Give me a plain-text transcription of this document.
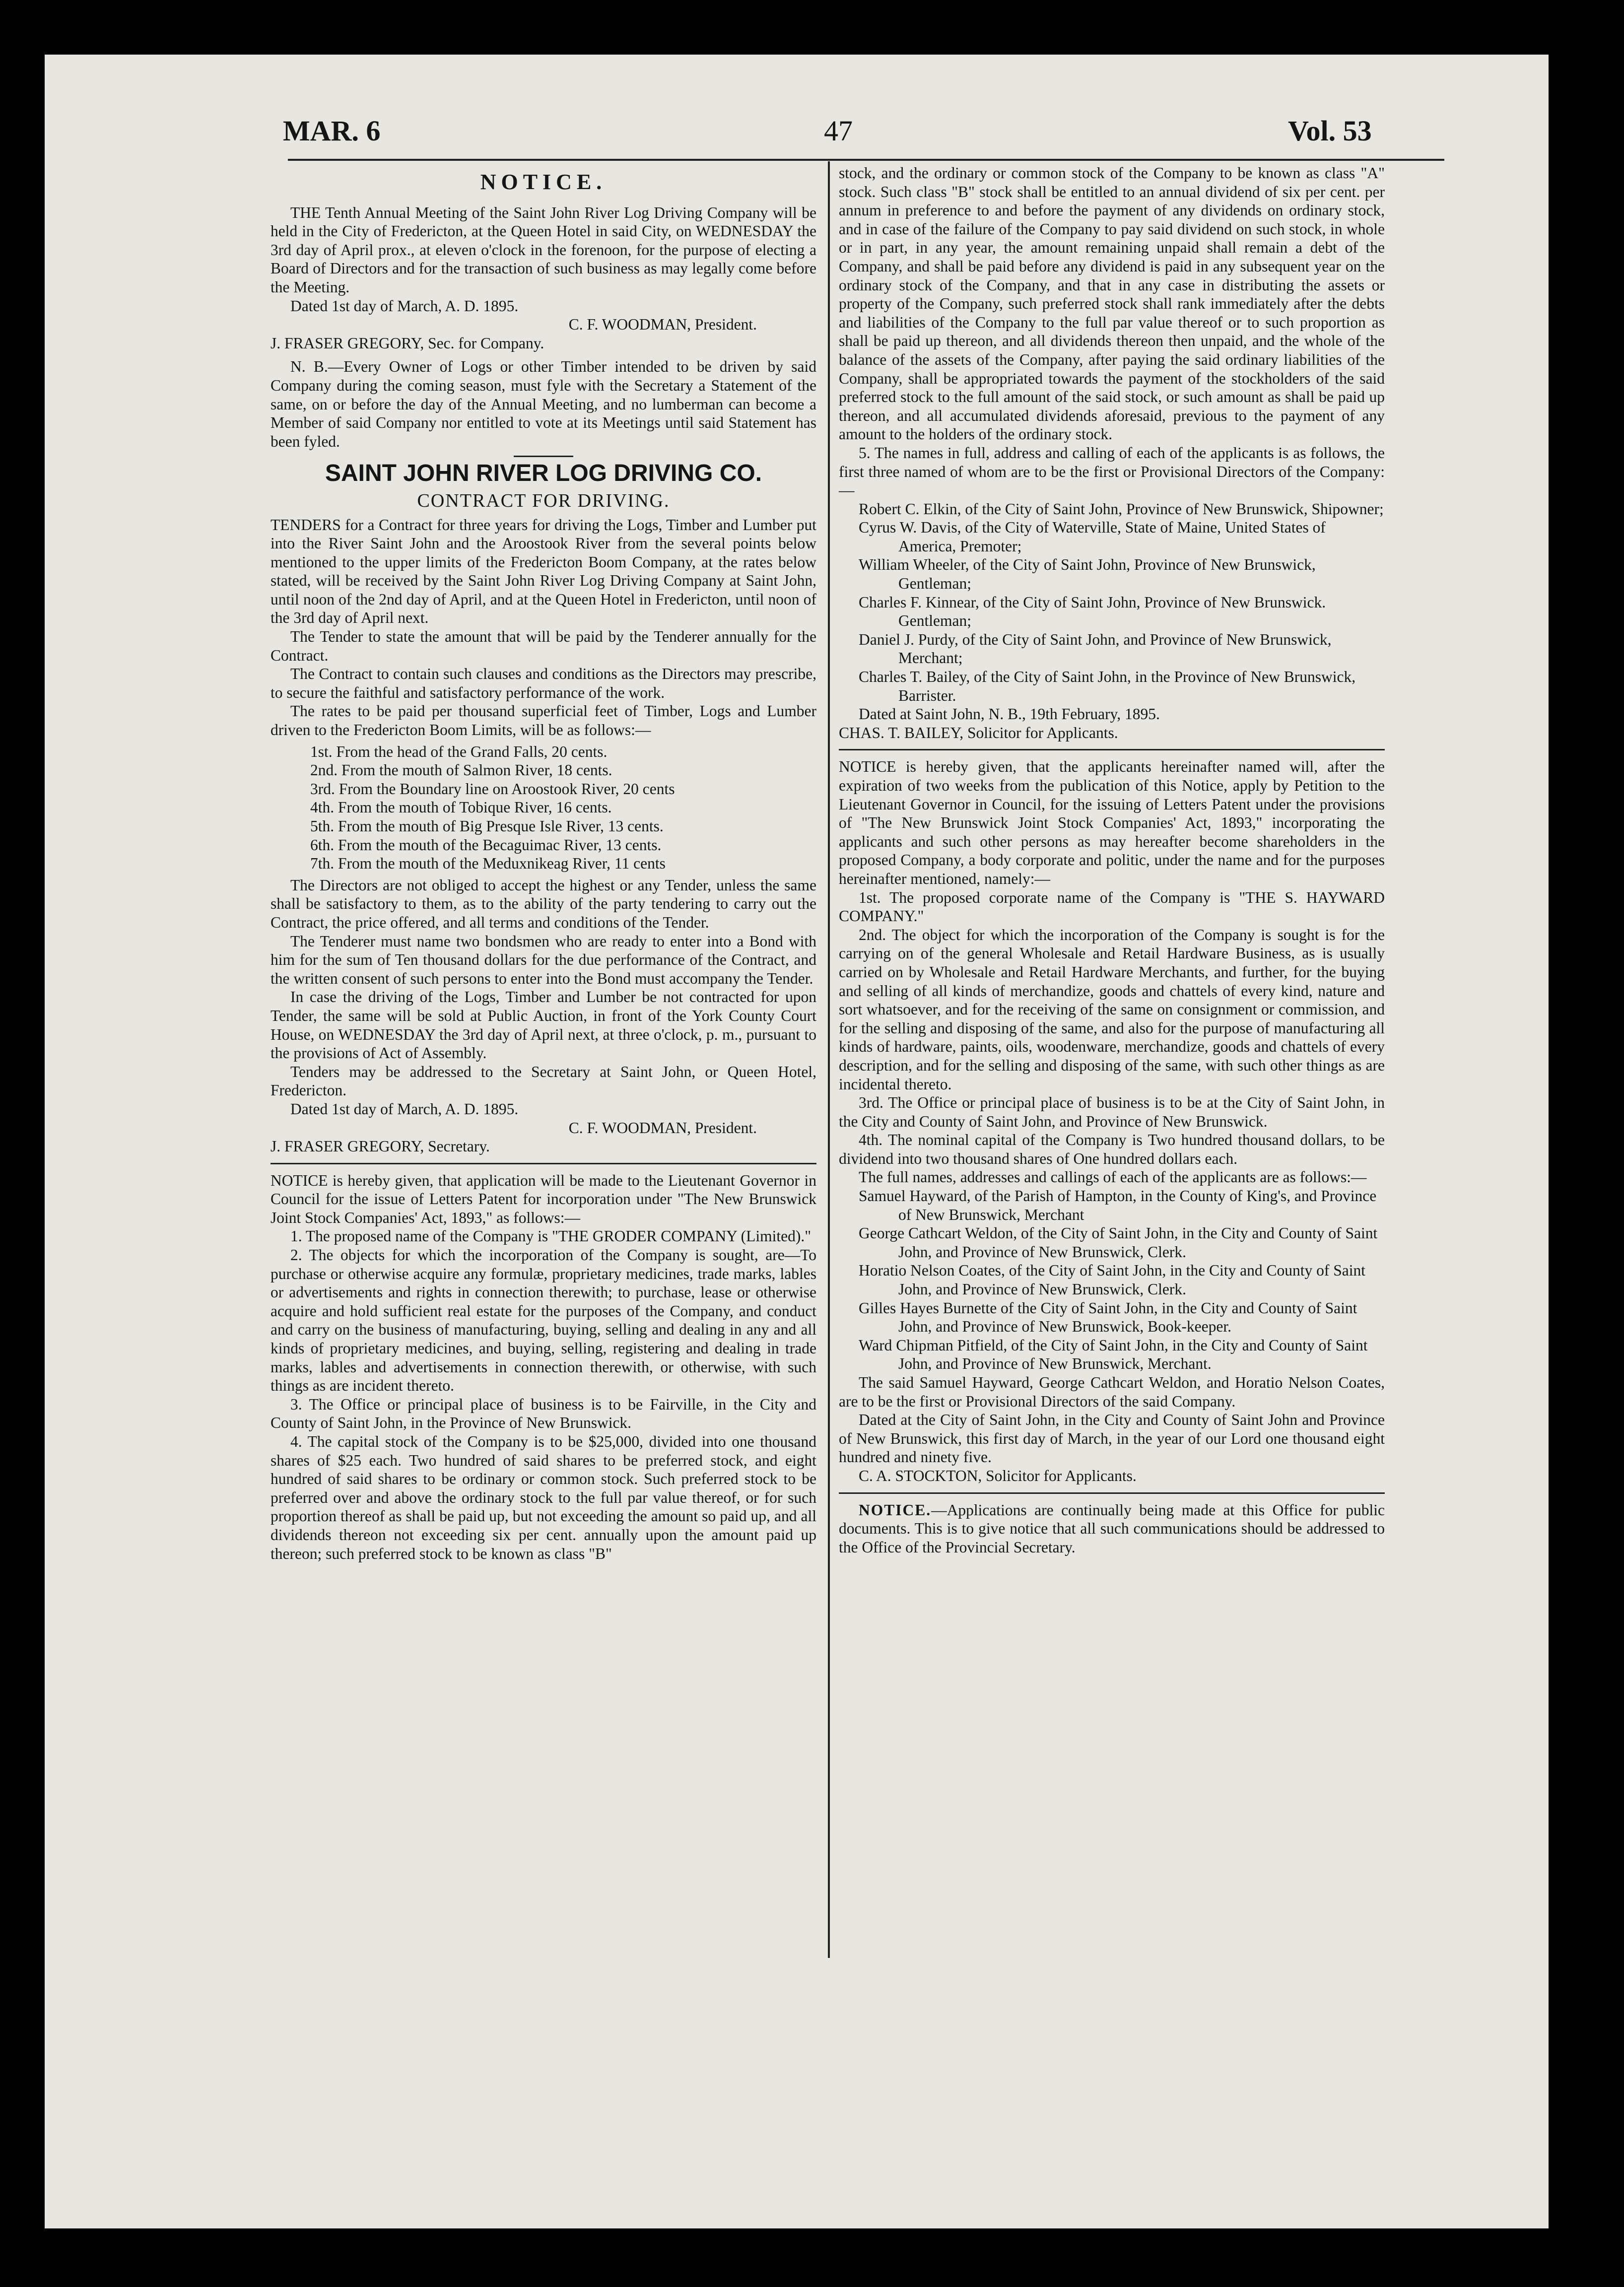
MAR. 6	47	Vol. 53
NOTICE.

THE Tenth Annual Meeting of the Saint John River Log Driving Company will be held in the City of Fredericton, at the Queen Hotel in said City, on WEDNESDAY the 3rd day of April prox., at eleven o'clock in the forenoon, for the purpose of electing a Board of Directors and for the transaction of such business as may legally come before the Meeting.

Dated 1st day of March, A. D. 1895.

C. F. WOODMAN, President.

J. FRASER GREGORY, Sec. for Company.

N. B.—Every Owner of Logs or other Timber intended to be driven by said Company during the coming season, must fyle with the Secretary a Statement of the same, on or before the day of the Annual Meeting, and no lumberman can become a Member of said Company nor entitled to vote at its Meetings until said Statement has been fyled.

SAINT JOHN RIVER LOG DRIVING CO.
CONTRACT FOR DRIVING.

TENDERS for a Contract for three years for driving the Logs, Timber and Lumber put into the River Saint John and the Aroostook River from the several points below mentioned to the upper limits of the Fredericton Boom Company, at the rates below stated, will be received by the Saint John River Log Driving Company at Saint John, until noon of the 2nd day of April, and at the Queen Hotel in Fredericton, until noon of the 3rd day of April next.

The Tender to state the amount that will be paid by the Tenderer annually for the Contract.

The Contract to contain such clauses and conditions as the Directors may prescribe, to secure the faithful and satisfactory performance of the work.

The rates to be paid per thousand superficial feet of Timber, Logs and Lumber driven to the Fredericton Boom Limits, will be as follows:—

1st. From the head of the Grand Falls, 20 cents.
2nd. From the mouth of Salmon River, 18 cents.
3rd. From the Boundary line on Aroostook River, 20 cents
4th. From the mouth of Tobique River, 16 cents.
5th. From the mouth of Big Presque Isle River, 13 cents.
6th. From the mouth of the Becaguimac River, 13 cents.
7th. From the mouth of the Meduxnikeag River, 11 cents

The Directors are not obliged to accept the highest or any Tender, unless the same shall be satisfactory to them, as to the ability of the party tendering to carry out the Contract, the price offered, and all terms and conditions of the Tender.

The Tenderer must name two bondsmen who are ready to enter into a Bond with him for the sum of Ten thousand dollars for the due performance of the Contract, and the written consent of such persons to enter into the Bond must accompany the Tender.

In case the driving of the Logs, Timber and Lumber be not contracted for upon Tender, the same will be sold at Public Auction, in front of the York County Court House, on WEDNESDAY the 3rd day of April next, at three o'clock, p. m., pursuant to the provisions of Act of Assembly.

Tenders may be addressed to the Secretary at Saint John, or Queen Hotel, Fredericton.

Dated 1st day of March, A. D. 1895.

C. F. WOODMAN, President.

J. FRASER GREGORY, Secretary.

NOTICE is hereby given, that application will be made to the Lieutenant Governor in Council for the issue of Letters Patent for incorporation under "The New Brunswick Joint Stock Companies' Act, 1893," as follows:—

1. The proposed name of the Company is "THE GRODER COMPANY (Limited)."

2. The objects for which the incorporation of the Company is sought, are—To purchase or otherwise acquire any formulæ, proprietary medicines, trade marks, lables or advertisements and rights in connection therewith; to purchase, lease or otherwise acquire and hold sufficient real estate for the purposes of the Company, and conduct and carry on the business of manufacturing, buying, selling and dealing in any and all kinds of proprietary medicines, and buying, selling, registering and dealing in trade marks, lables and advertisements in connection therewith, or otherwise, with such things as are incident thereto.

3. The Office or principal place of business is to be Fairville, in the City and County of Saint John, in the Province of New Brunswick.

4. The capital stock of the Company is to be $25,000, divided into one thousand shares of $25 each. Two hundred of said shares to be preferred stock, and eight hundred of said shares to be ordinary or common stock. Such preferred stock to be preferred over and above the ordinary stock to the full par value thereof, or for such proportion thereof as shall be paid up, but not exceeding the amount so paid up, and all dividends thereon not exceeding six per cent. annually upon the amount paid up thereon; such preferred stock to be known as class "B"

stock, and the ordinary or common stock of the Company to be known as class "A" stock. Such class "B" stock shall be entitled to an annual dividend of six per cent. per annum in preference to and before the payment of any dividends on ordinary stock, and in case of the failure of the Company to pay said dividend on such stock, in whole or in part, in any year, the amount remaining unpaid shall remain a debt of the Company, and shall be paid before any dividend is paid in any subsequent year on the ordinary stock of the Company, and that in any case in distributing the assets or property of the Company, such preferred stock shall rank immediately after the debts and liabilities of the Company to the full par value thereof or to such proportion as shall be paid up thereon, and all dividends thereon then unpaid, and the whole of the balance of the assets of the Company, after paying the said ordinary liabilities of the Company, shall be appropriated towards the payment of the stockholders of the said preferred stock to the full amount of the said stock, or such amount as shall be paid up thereon, and all accumulated dividends aforesaid, previous to the payment of any amount to the holders of the ordinary stock.

5. The names in full, address and calling of each of the applicants is as follows, the first three named of whom are to be the first or Provisional Directors of the Company:—

Robert C. Elkin, of the City of Saint John, Province of New Brunswick, Shipowner;

Cyrus W. Davis, of the City of Waterville, State of Maine, United States of America, Premoter;

William Wheeler, of the City of Saint John, Province of New Brunswick, Gentleman;

Charles F. Kinnear, of the City of Saint John, Province of New Brunswick. Gentleman;

Daniel J. Purdy, of the City of Saint John, and Province of New Brunswick, Merchant;

Charles T. Bailey, of the City of Saint John, in the Province of New Brunswick, Barrister.

Dated at Saint John, N. B., 19th February, 1895.

CHAS. T. BAILEY, Solicitor for Applicants.

NOTICE is hereby given, that the applicants hereinafter named will, after the expiration of two weeks from the publication of this Notice, apply by Petition to the Lieutenant Governor in Council, for the issuing of Letters Patent under the provisions of "The New Brunswick Joint Stock Companies' Act, 1893," incorporating the applicants and such other persons as may hereafter become shareholders in the proposed Company, a body corporate and politic, under the name and for the purposes hereinafter mentioned, namely:—

1st. The proposed corporate name of the Company is "THE S. HAYWARD COMPANY."

2nd. The object for which the incorporation of the Company is sought is for the carrying on of the general Wholesale and Retail Hardware Business, as is usually carried on by Wholesale and Retail Hardware Merchants, and further, for the buying and selling of all kinds of merchandize, goods and chattels of every kind, nature and sort whatsoever, and for the receiving of the same on consignment or commission, and for the selling and disposing of the same, and also for the purpose of manufacturing all kinds of hardware, paints, oils, woodenware, merchandize, goods and chattels of every description, and for the selling and disposing of the same, with such other things as are incidental thereto.

3rd. The Office or principal place of business is to be at the City of Saint John, in the City and County of Saint John, and Province of New Brunswick.

4th. The nominal capital of the Company is Two hundred thousand dollars, to be dividend into two thousand shares of One hundred dollars each.

The full names, addresses and callings of each of the applicants are as follows:—

Samuel Hayward, of the Parish of Hampton, in the County of King's, and Province of New Brunswick, Merchant

George Cathcart Weldon, of the City of Saint John, in the City and County of Saint John, and Province of New Brunswick, Clerk.

Horatio Nelson Coates, of the City of Saint John, in the City and County of Saint John, and Province of New Brunswick, Clerk.

Gilles Hayes Burnette of the City of Saint John, in the City and County of Saint John, and Province of New Brunswick, Book-keeper.

Ward Chipman Pitfield, of the City of Saint John, in the City and County of Saint John, and Province of New Brunswick, Merchant.

The said Samuel Hayward, George Cathcart Weldon, and Horatio Nelson Coates, are to be the first or Provisional Directors of the said Company.

Dated at the City of Saint John, in the City and County of Saint John and Province of New Brunswick, this first day of March, in the year of our Lord one thousand eight hundred and ninety five.

C. A. STOCKTON, Solicitor for Applicants.

NOTICE.—Applications are continually being made at this Office for public documents. This is to give notice that all such communications should be addressed to the Office of the Provincial Secretary.
